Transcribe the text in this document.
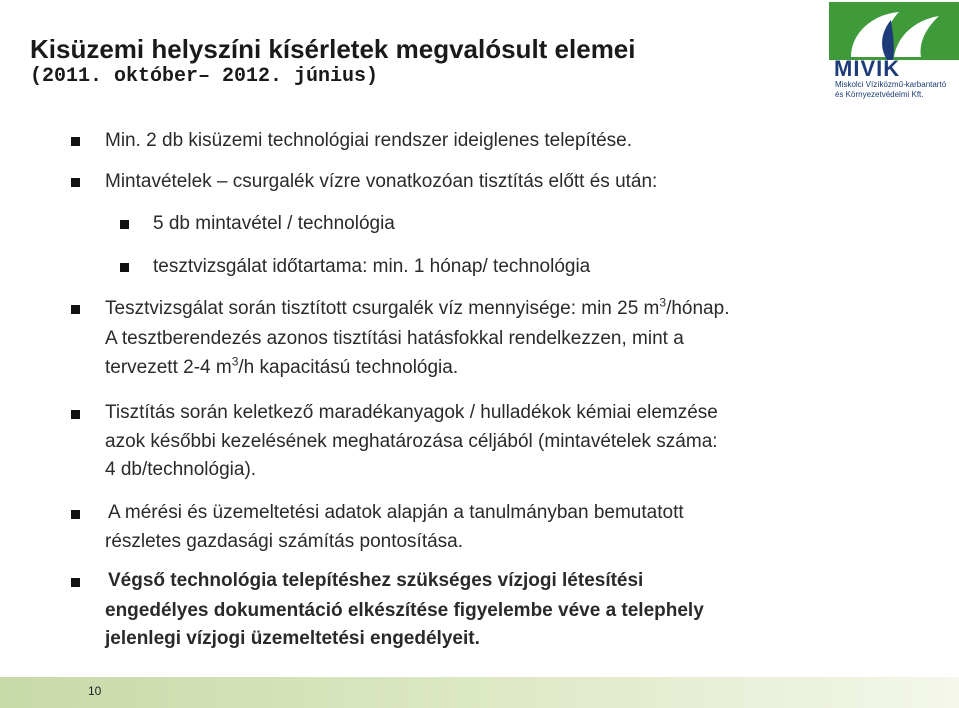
Kisüzemi helyszíni kísérletek megvalósult elemei
(2011. október– 2012. június)	MIVIK
Miskolci Vízíközmű-karbantartó
és Környezetvédelmi Kft.
Min. 2 db kisüzemi technológiai rendszer ideiglenes telepítése.
Mintavételek – csurgalék vízre vonatkozóan tisztítás előtt és után:
5 db mintavétel / technológia
tesztvizsgálat időtartama: min. 1 hónap/ technológia
Tesztvizsgálat során tisztított csurgalék víz mennyisége: min 25 $m^3$/hónap.
A tesztberendezés azonos tisztítási hatásfokkal rendelkezzen, mint a
tervezett 2-4 $m^3/h$ kapacitású technológia.
Tisztítás során keletkező maradékanyagok / hulladékok kémiai elemzése
azok későbbi kezelésének meghatározása céljából (mintavételek száma:
4 db/technológia).
A mérési és üzemeltetési adatok alapján a tanulmányban bemutatott
részletes gazdasági számítás pontosítása.
Végső technológia telepítéshez szükséges vízjogi létesítési
engedélyes dokumentáció elkészítése figyelembe véve a telephely
jelenlegi vízjogi üzemeltetési engedélyeit.
10
